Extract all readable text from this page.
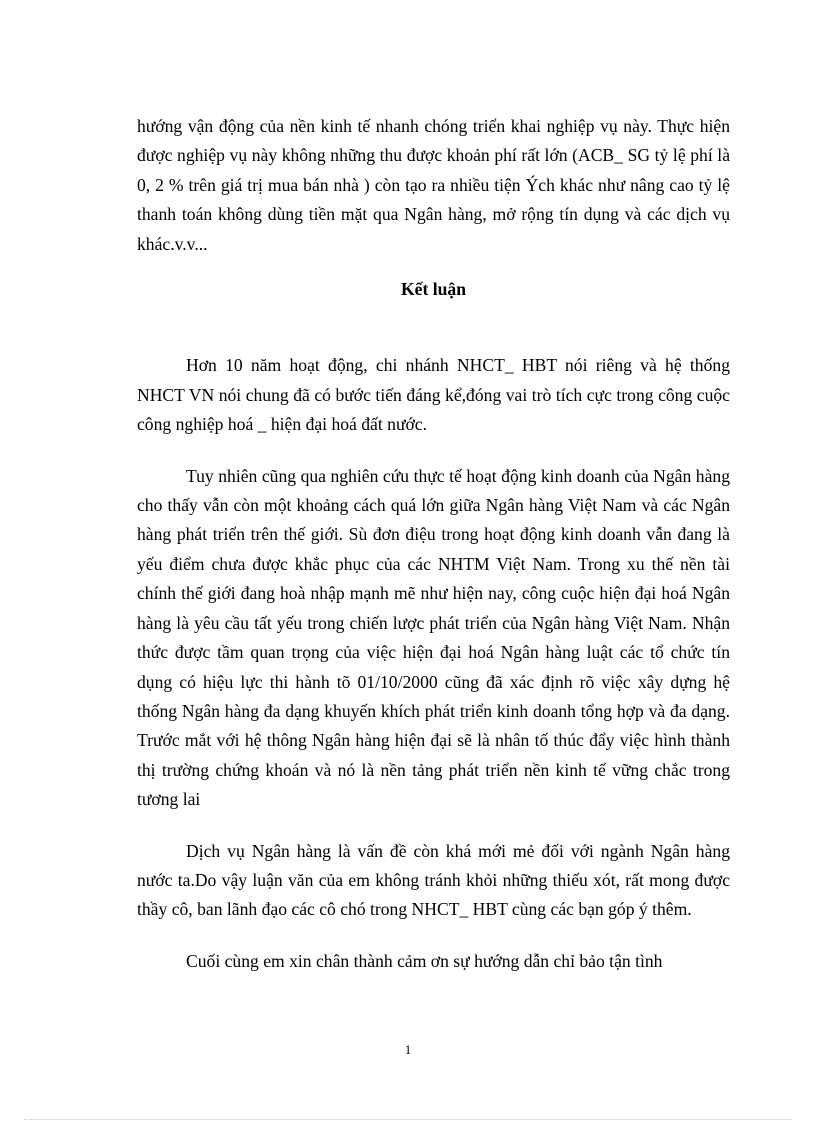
hướng vận động của nền kinh tế nhanh chóng triển khai nghiệp vụ này. Thực hiện được nghiệp vụ này không những thu được khoản phí rất lớn (ACB_ SG tỷ lệ phí là 0, 2 % trên giá trị mua bán nhà ) còn tạo ra nhiều tiện Ých khác như nâng cao tỷ lệ thanh toán không dùng tiền mặt qua Ngân hàng, mở rộng tín dụng và các dịch vụ khác.v.v...

Kết luận

Hơn 10 năm hoạt động, chi nhánh NHCT_ HBT nói riêng và hệ thống NHCT VN nói chung đã có bước tiến đáng kể,đóng vai trò tích cực trong công cuộc công nghiệp hoá _ hiện đại hoá đất nước.

Tuy nhiên cũng qua nghiên cứu thực tế hoạt động kinh doanh của Ngân hàng cho thấy vẫn còn một khoảng cách quá lớn giữa Ngân hàng Việt Nam và các Ngân hàng phát triển trên thế giới. Sù đơn điệu trong hoạt động kinh doanh vẫn đang là yếu điểm chưa được khắc phục của các NHTM Việt Nam. Trong xu thế nền tài chính thế giới đang hoà nhập mạnh mẽ như hiện nay, công cuộc hiện đại hoá Ngân hàng là yêu cầu tất yếu trong chiến lược phát triển của Ngân hàng Việt Nam. Nhận thức được tầm quan trọng của việc hiện đại hoá Ngân hàng luật các tổ chức tín dụng có hiệu lực thi hành tõ 01/10/2000 cũng đã xác định rõ việc xây dựng hệ thống Ngân hàng đa dạng khuyến khích phát triển kinh doanh tổng hợp và đa dạng. Trước mắt với hệ thông Ngân hàng hiện đại sẽ là nhân tố thúc đẩy việc hình thành thị trường chứng khoán và nó là nền tảng phát triển nền kinh tế vững chắc trong tương lai

Dịch vụ Ngân hàng là vấn đề còn khá mới mẻ đối với ngành Ngân hàng nước ta.Do vậy luận văn của em không tránh khỏi những thiếu xót, rất mong được thầy cô, ban lãnh đạo các cô chó trong NHCT_ HBT cùng các bạn góp ý thêm.

Cuối cùng em xin chân thành cảm ơn sự hướng dẫn chỉ bảo tận tình

1
